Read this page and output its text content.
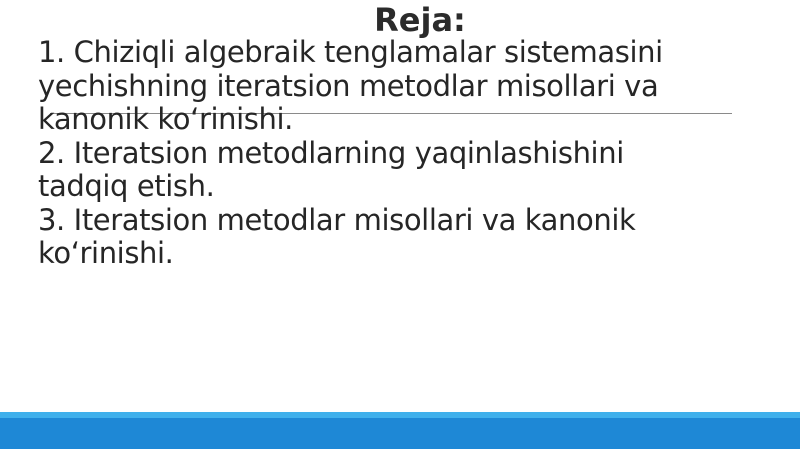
Reja:
1. Chiziqli algebraik tenglamalar sistemasini
yechishning iteratsion metodlar misollari va
kanonik ko‘rinishi.
2. Iteratsion metodlarning yaqinlashishini
tadqiq etish.
3. Iteratsion metodlar misollari va kanonik
ko‘rinishi.
